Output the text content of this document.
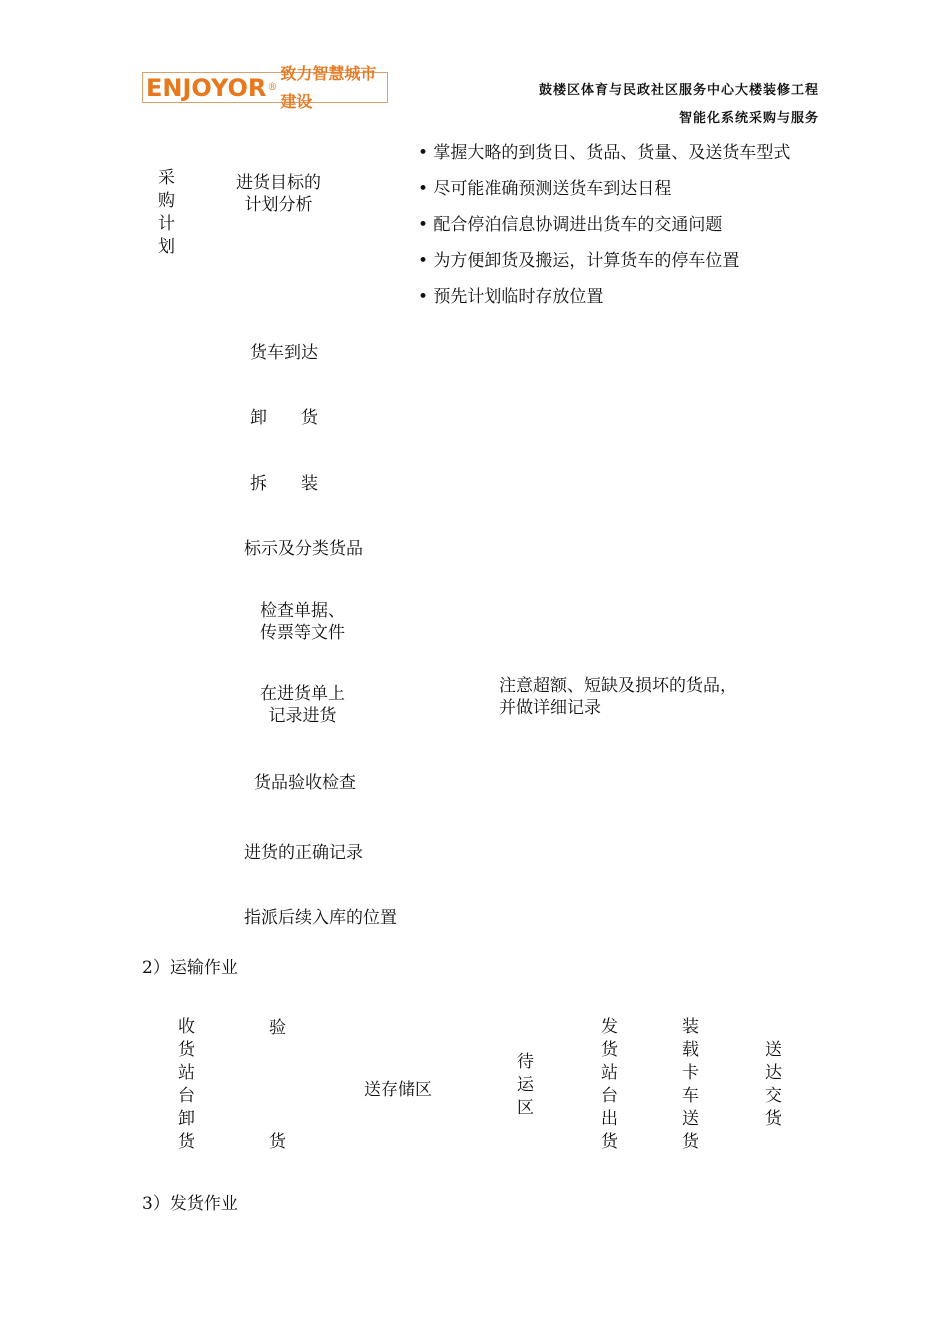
ENJOYOR ®
致力智慧城市建设
鼓楼区体育与民政社区服务中心大楼装修工程
智能化系统采购与服务
采
购
计
划
进货目标的
计划分析
• 掌握大略的到货日、货品、货量、及送货车型式
• 尽可能准确预测送货车到达日程
• 配合停泊信息协调进出货车的交通问题
• 为方便卸货及搬运，计算货车的停车位置
• 预先计划临时存放位置
货车到达
卸　　货
拆　　装
标示及分类货品
检查单据、
传票等文件
在进货单上
记录进货
注意超额、短缺及损坏的货品，
并做详细记录
货品验收检查
进货的正确记录
指派后续入库的位置
2）运输作业
收
货
站
台
卸
货
验
货
送存储区
待
运
区
发
货
站
台
出
货
装
载
卡
车
送
货
送
达
交
货
3）发货作业
